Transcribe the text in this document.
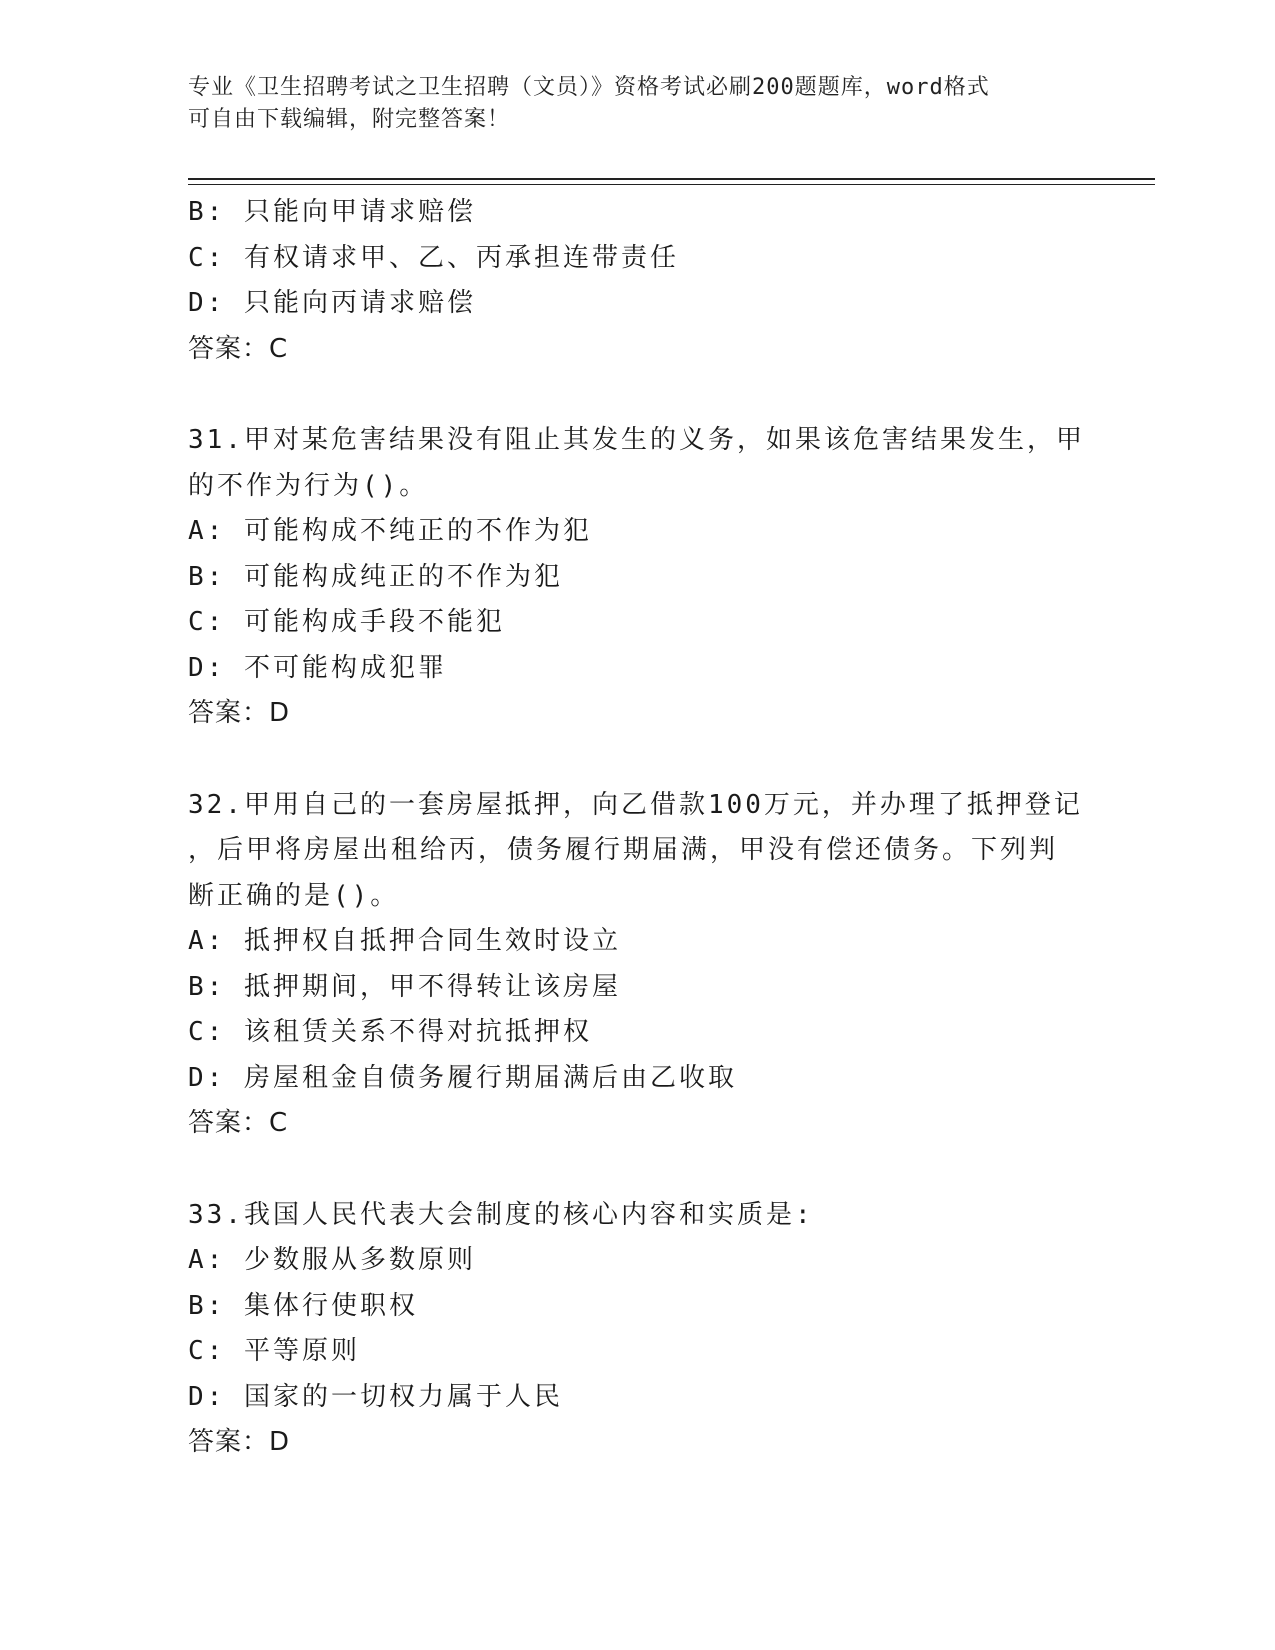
专业《卫生招聘考试之卫生招聘（文员）》资格考试必刷200题题库，word格式
可自由下载编辑，附完整答案！
B: 只能向甲请求赔偿
C: 有权请求甲、乙、丙承担连带责任
D: 只能向丙请求赔偿
答案：C
31.甲对某危害结果没有阻止其发生的义务，如果该危害结果发生，甲
的不作为行为()。
A: 可能构成不纯正的不作为犯
B: 可能构成纯正的不作为犯
C: 可能构成手段不能犯
D: 不可能构成犯罪
答案：D
32.甲用自己的一套房屋抵押，向乙借款100万元，并办理了抵押登记
，后甲将房屋出租给丙，债务履行期届满，甲没有偿还债务。下列判
断正确的是()。
A: 抵押权自抵押合同生效时设立
B: 抵押期间，甲不得转让该房屋
C: 该租赁关系不得对抗抵押权
D: 房屋租金自债务履行期届满后由乙收取
答案：C
33.我国人民代表大会制度的核心内容和实质是:
A: 少数服从多数原则
B: 集体行使职权
C: 平等原则
D: 国家的一切权力属于人民
答案：D
